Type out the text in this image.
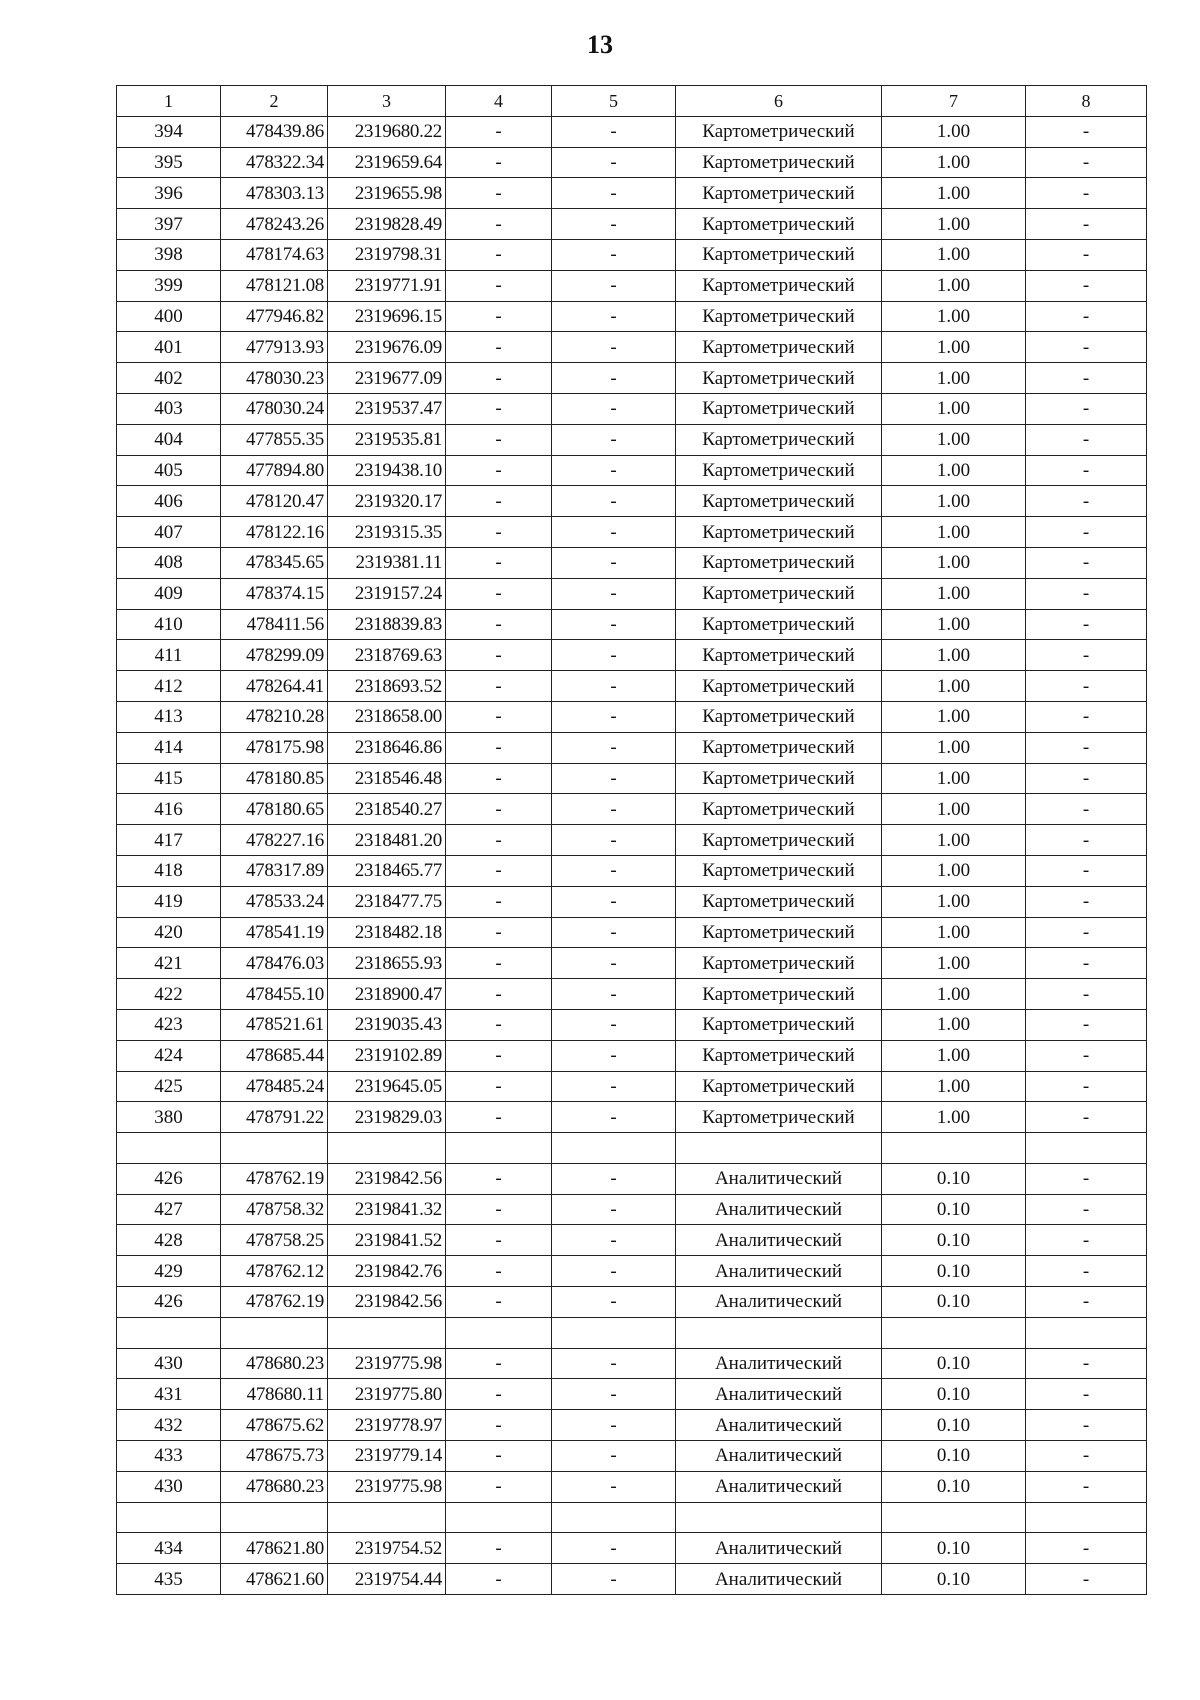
13
1	2	3	4	5	6	7	8
394	478439.86	2319680.22	-	-	Картометрический	1.00	-
395	478322.34	2319659.64	-	-	Картометрический	1.00	-
396	478303.13	2319655.98	-	-	Картометрический	1.00	-
397	478243.26	2319828.49	-	-	Картометрический	1.00	-
398	478174.63	2319798.31	-	-	Картометрический	1.00	-
399	478121.08	2319771.91	-	-	Картометрический	1.00	-
400	477946.82	2319696.15	-	-	Картометрический	1.00	-
401	477913.93	2319676.09	-	-	Картометрический	1.00	-
402	478030.23	2319677.09	-	-	Картометрический	1.00	-
403	478030.24	2319537.47	-	-	Картометрический	1.00	-
404	477855.35	2319535.81	-	-	Картометрический	1.00	-
405	477894.80	2319438.10	-	-	Картометрический	1.00	-
406	478120.47	2319320.17	-	-	Картометрический	1.00	-
407	478122.16	2319315.35	-	-	Картометрический	1.00	-
408	478345.65	2319381.11	-	-	Картометрический	1.00	-
409	478374.15	2319157.24	-	-	Картометрический	1.00	-
410	478411.56	2318839.83	-	-	Картометрический	1.00	-
411	478299.09	2318769.63	-	-	Картометрический	1.00	-
412	478264.41	2318693.52	-	-	Картометрический	1.00	-
413	478210.28	2318658.00	-	-	Картометрический	1.00	-
414	478175.98	2318646.86	-	-	Картометрический	1.00	-
415	478180.85	2318546.48	-	-	Картометрический	1.00	-
416	478180.65	2318540.27	-	-	Картометрический	1.00	-
417	478227.16	2318481.20	-	-	Картометрический	1.00	-
418	478317.89	2318465.77	-	-	Картометрический	1.00	-
419	478533.24	2318477.75	-	-	Картометрический	1.00	-
420	478541.19	2318482.18	-	-	Картометрический	1.00	-
421	478476.03	2318655.93	-	-	Картометрический	1.00	-
422	478455.10	2318900.47	-	-	Картометрический	1.00	-
423	478521.61	2319035.43	-	-	Картометрический	1.00	-
424	478685.44	2319102.89	-	-	Картометрический	1.00	-
425	478485.24	2319645.05	-	-	Картометрический	1.00	-
380	478791.22	2319829.03	-	-	Картометрический	1.00	-

426	478762.19	2319842.56	-	-	Аналитический	0.10	-
427	478758.32	2319841.32	-	-	Аналитический	0.10	-
428	478758.25	2319841.52	-	-	Аналитический	0.10	-
429	478762.12	2319842.76	-	-	Аналитический	0.10	-
426	478762.19	2319842.56	-	-	Аналитический	0.10	-

430	478680.23	2319775.98	-	-	Аналитический	0.10	-
431	478680.11	2319775.80	-	-	Аналитический	0.10	-
432	478675.62	2319778.97	-	-	Аналитический	0.10	-
433	478675.73	2319779.14	-	-	Аналитический	0.10	-
430	478680.23	2319775.98	-	-	Аналитический	0.10	-

434	478621.80	2319754.52	-	-	Аналитический	0.10	-
435	478621.60	2319754.44	-	-	Аналитический	0.10	-
